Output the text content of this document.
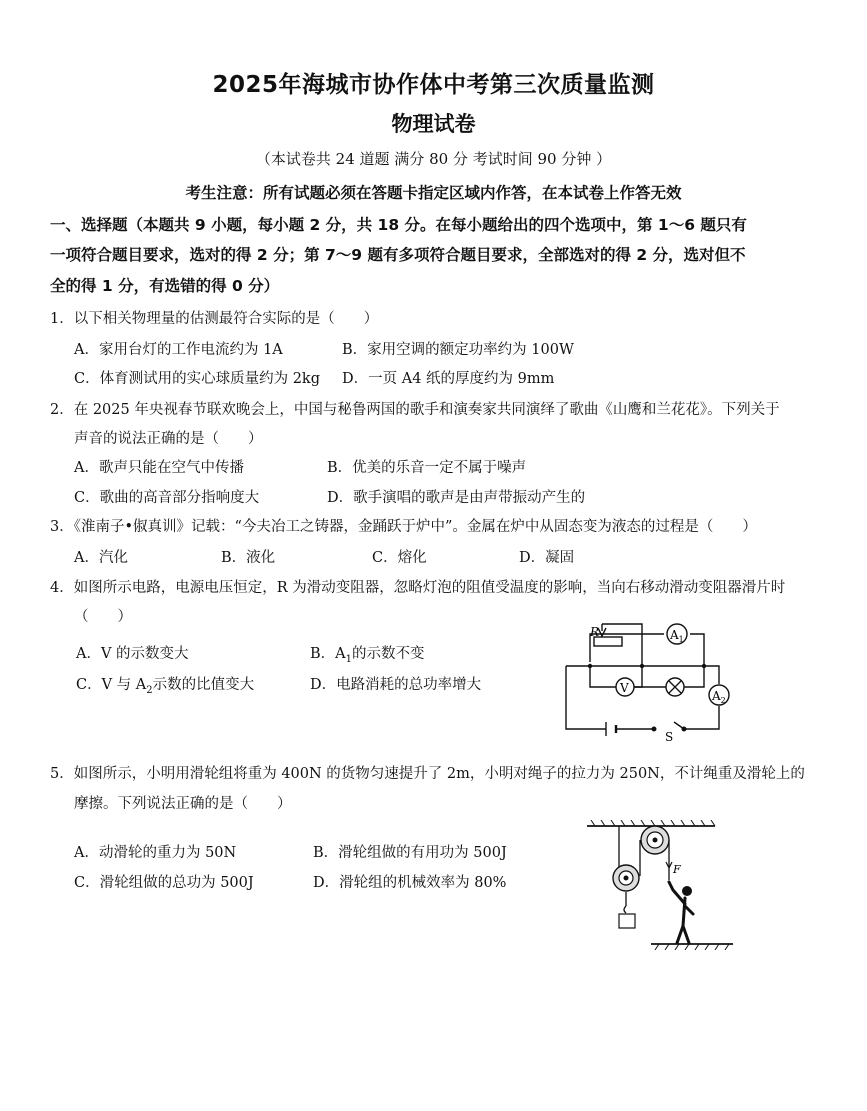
2025年海城市协作体中考第三次质量监测
物理试卷
（本试卷共 24 道题 满分 80 分 考试时间 90 分钟 ）
考生注意：所有试题必须在答题卡指定区域内作答，在本试卷上作答无效
一、选择题（本题共 9 小题，每小题 2 分，共 18 分。在每小题给出的四个选项中，第 1～6 题只有
一项符合题目要求，选对的得 2 分；第 7～9 题有多项符合题目要求，全部选对的得 2 分，选对但不
全的得 1 分，有选错的得 0 分）
1．以下相关物理量的估测最符合实际的是（　　）
A．家用台灯的工作电流约为 1A	B．家用空调的额定功率约为 100W
C．体育测试用的实心球质量约为 2kg D．一页 A4 纸的厚度约为 9mm
2．在 2025 年央视春节联欢晚会上，中国与秘鲁两国的歌手和演奏家共同演绎了歌曲《山鹰和兰花花》。下列关于
声音的说法正确的是（　　）
A．歌声只能在空气中传播	B．优美的乐音一定不属于噪声
C．歌曲的高音部分指响度大	D．歌手演唱的歌声是由声带振动产生的
3．《淮南子•俶真训》记载：“今夫冶工之铸器，金踊跃于炉中”。金属在炉中从固态变为液态的过程是（　　）
A．汽化	B．液化	C．熔化	D．凝固
4．如图所示电路，电源电压恒定，R 为滑动变阻器，忽略灯泡的阻值受温度的影响，当向右移动滑动变阻器滑片时
（　　）
A．V 的示数变大	B．$A_1$的示数不变
C．V 与 $A_2$示数的比值变大	D．电路消耗的总功率增大
R
V
$A_1$
$A_2$
S
5．如图所示，小明用滑轮组将重为 400N 的货物匀速提升了 2m，小明对绳子的拉力为 250N，不计绳重及滑轮上的
摩擦。下列说法正确的是（　　）
A．动滑轮的重力为 50N	B．滑轮组做的有用功为 500J
C．滑轮组做的总功为 500J	D．滑轮组的机械效率为 80%
F
